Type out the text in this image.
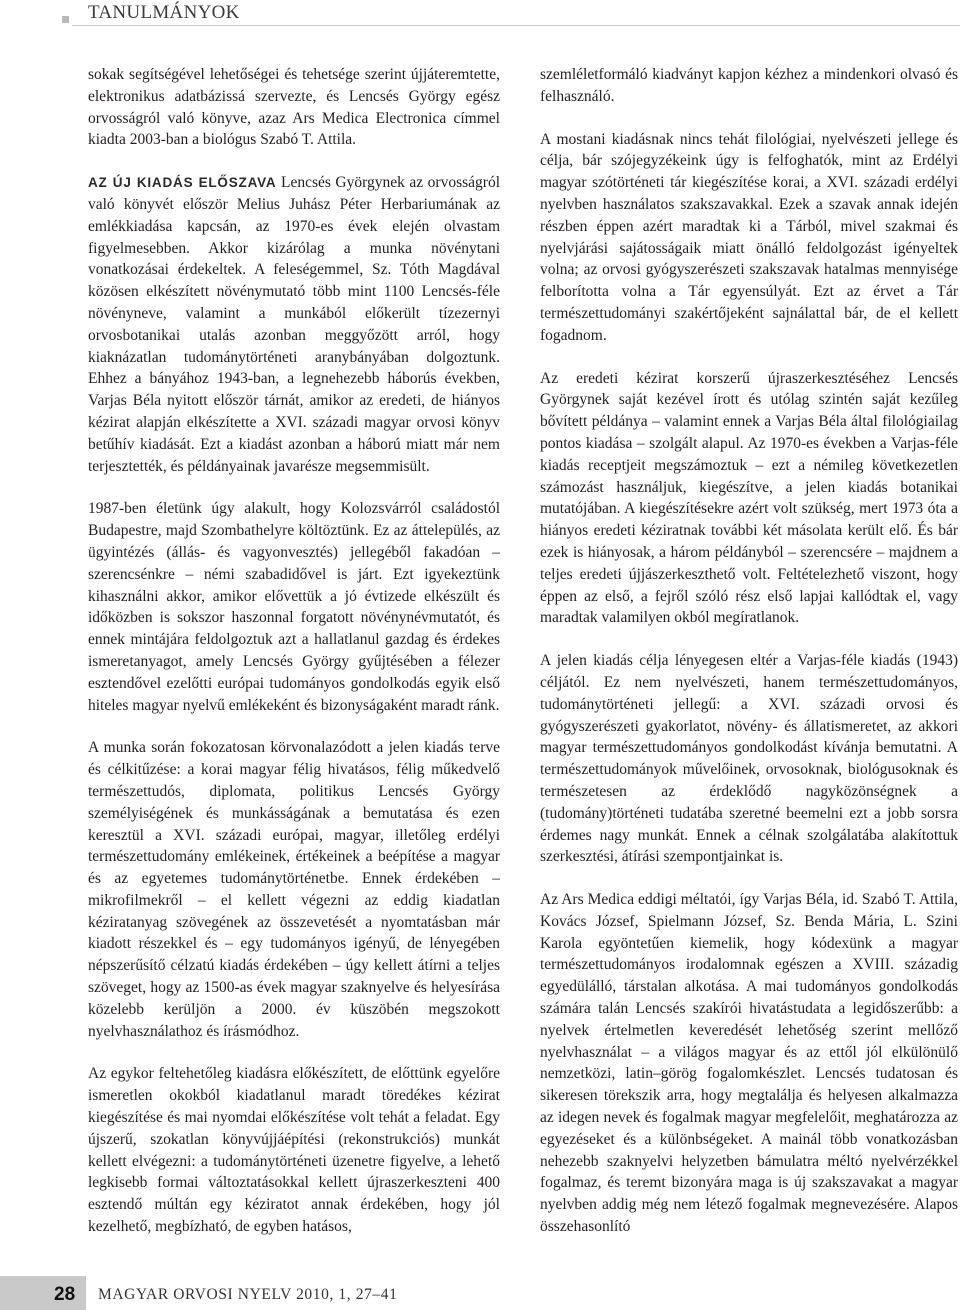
TANULMÁNYOK

sokak segítségével lehetőségei és tehetsége szerint újjáteremtette, elektronikus adatbázissá szervezte, és Lencsés György egész orvosságról való könyve, azaz Ars Medica Electronica címmel kiadta 2003-ban a biológus Szabó T. Attila.

AZ ÚJ KIADÁS ELŐSZAVA Lencsés Györgynek az orvosságról való könyvét először Melius Juhász Péter Herbariumának az emlékkiadása kapcsán, az 1970-es évek elején olvastam figyelmesebben. Akkor kizárólag a munka növénytani vonatkozásai érdekeltek. A feleségemmel, Sz. Tóth Magdával közösen elkészített növénymutató több mint 1100 Lencsés-féle növényneve, valamint a munkából előkerült tízezernyi orvosbotanikai utalás azonban meggyőzött arról, hogy kiaknázatlan tudománytörténeti aranybányában dolgoztunk. Ehhez a bányához 1943-ban, a legnehezebb háborús években, Varjas Béla nyitott először tárnát, amikor az eredeti, de hiányos kézirat alapján elkészítette a XVI. századi magyar orvosi könyv betűhív kiadását. Ezt a kiadást azonban a háború miatt már nem terjesztették, és példányainak javarésze megsemmisült.

1987-ben életünk úgy alakult, hogy Kolozsvárról családostól Budapestre, majd Szombathelyre költöztünk. Ez az áttelepülés, az ügyintézés (állás- és vagyonvesztés) jellegéből fakadóan – szerencsénkre – némi szabadidővel is járt. Ezt igyekeztünk kihasználni akkor, amikor elővettük a jó évtizede elkészült és időközben is sokszor haszonnal forgatott növénynévmutatót, és ennek mintájára feldolgoztuk azt a hallatlanul gazdag és érdekes ismeretanyagot, amely Lencsés György gyűjtésében a félezer esztendővel ezelőtti európai tudományos gondolkodás egyik első hiteles magyar nyelvű emlékeként és bizonyságaként maradt ránk.

A munka során fokozatosan körvonalazódott a jelen kiadás terve és célkitűzése: a korai magyar félig hivatásos, félig műkedvelő természettudós, diplomata, politikus Lencsés György személyiségének és munkásságának a bemutatása és ezen keresztül a XVI. századi európai, magyar, illetőleg erdélyi természettudomány emlékeinek, értékeinek a beépítése a magyar és az egyetemes tudománytörténetbe. Ennek érdekében – mikrofilmekről – el kellett végezni az eddig kiadatlan kéziratanyag szövegének az összevetését a nyomtatásban már kiadott részekkel és – egy tudományos igényű, de lényegében népszerűsítő célzatú kiadás érdekében – úgy kellett átírni a teljes szöveget, hogy az 1500-as évek magyar szaknyelve és helyesírása közelebb kerüljön a 2000. év küszöbén megszokott nyelvhasználathoz és írásmódhoz.

Az egykor feltehetőleg kiadásra előkészített, de előttünk egyelőre ismeretlen okokból kiadatlanul maradt töredékes kézirat kiegészítése és mai nyomdai előkészítése volt tehát a feladat. Egy újszerű, szokatlan könyvújjáépítési (rekonstrukciós) munkát kellett elvégezni: a tudománytörténeti üzenetre figyelve, a lehető legkisebb formai változtatásokkal kellett újraszerkeszteni 400 esztendő múltán egy kéziratot annak érdekében, hogy jól kezelhető, megbízható, de egyben hatásos,

szemléletformáló kiadványt kapjon kézhez a mindenkori olvasó és felhasználó.

A mostani kiadásnak nincs tehát filológiai, nyelvészeti jellege és célja, bár szójegyzékeink úgy is felfoghatók, mint az Erdélyi magyar szótörténeti tár kiegészítése korai, a XVI. századi erdélyi nyelvben használatos szakszavakkal. Ezek a szavak annak idején részben éppen azért maradtak ki a Tárból, mivel szakmai és nyelvjárási sajátosságaik miatt önálló feldolgozást igényeltek volna; az orvosi gyógyszerészeti szakszavak hatalmas mennyisége felborította volna a Tár egyensúlyát. Ezt az érvet a Tár természettudományi szakértőjeként sajnálattal bár, de el kellett fogadnom.

Az eredeti kézirat korszerű újraszerkesztéséhez Lencsés Györgynek saját kezével írott és utólag szintén saját kezűleg bővített példánya – valamint ennek a Varjas Béla által filológiailag pontos kiadása – szolgált alapul. Az 1970-es években a Varjas-féle kiadás receptjeit megszámoztuk – ezt a némileg következetlen számozást használjuk, kiegészítve, a jelen kiadás botanikai mutatójában. A kiegészítésekre azért volt szükség, mert 1973 óta a hiányos eredeti kéziratnak további két másolata került elő. És bár ezek is hiányosak, a három példányból – szerencsére – majdnem a teljes eredeti újjászerkeszthető volt. Feltételezhető viszont, hogy éppen az első, a fejről szóló rész első lapjai kallódtak el, vagy maradtak valamilyen okból megíratlanok.

A jelen kiadás célja lényegesen eltér a Varjas-féle kiadás (1943) céljától. Ez nem nyelvészeti, hanem természettudományos, tudománytörténeti jellegű: a XVI. századi orvosi és gyógyszerészeti gyakorlatot, növény- és állatismeretet, az akkori magyar természettudományos gondolkodást kívánja bemutatni. A természettudományok művelőinek, orvosoknak, biológusoknak és természetesen az érdeklődő nagyközönségnek a (tudomány)történeti tudatába szeretné beemelni ezt a jobb sorsra érdemes nagy munkát. Ennek a célnak szolgálatába alakítottuk szerkesztési, átírási szempontjainkat is.

Az Ars Medica eddigi méltatói, így Varjas Béla, id. Szabó T. Attila, Kovács József, Spielmann József, Sz. Benda Mária, L. Szini Karola egyöntetűen kiemelik, hogy kódexünk a magyar természettudományos irodalomnak egészen a XVIII. századig egyedülálló, társtalan alkotása. A mai tudományos gondolkodás számára talán Lencsés szakírói hivatástudata a legidőszerűbb: a nyelvek értelmetlen keveredését lehetőség szerint mellőző nyelvhasználat – a világos magyar és az ettől jól elkülönülő nemzetközi, latin–görög fogalomkészlet. Lencsés tudatosan és sikeresen törekszik arra, hogy megtalálja és helyesen alkalmazza az idegen nevek és fogalmak magyar megfelelőit, meghatározza az egyezéseket és a különbségeket. A mainál több vonatkozásban nehezebb szaknyelvi helyzetben bámulatra méltó nyelvérzékkel fogalmaz, és teremt bizonyára maga is új szakszavakat a magyar nyelvben addig még nem létező fogalmak megnevezésére. Alapos összehasonlító

28 MAGYAR ORVOSI NYELV 2010, 1, 27–41
